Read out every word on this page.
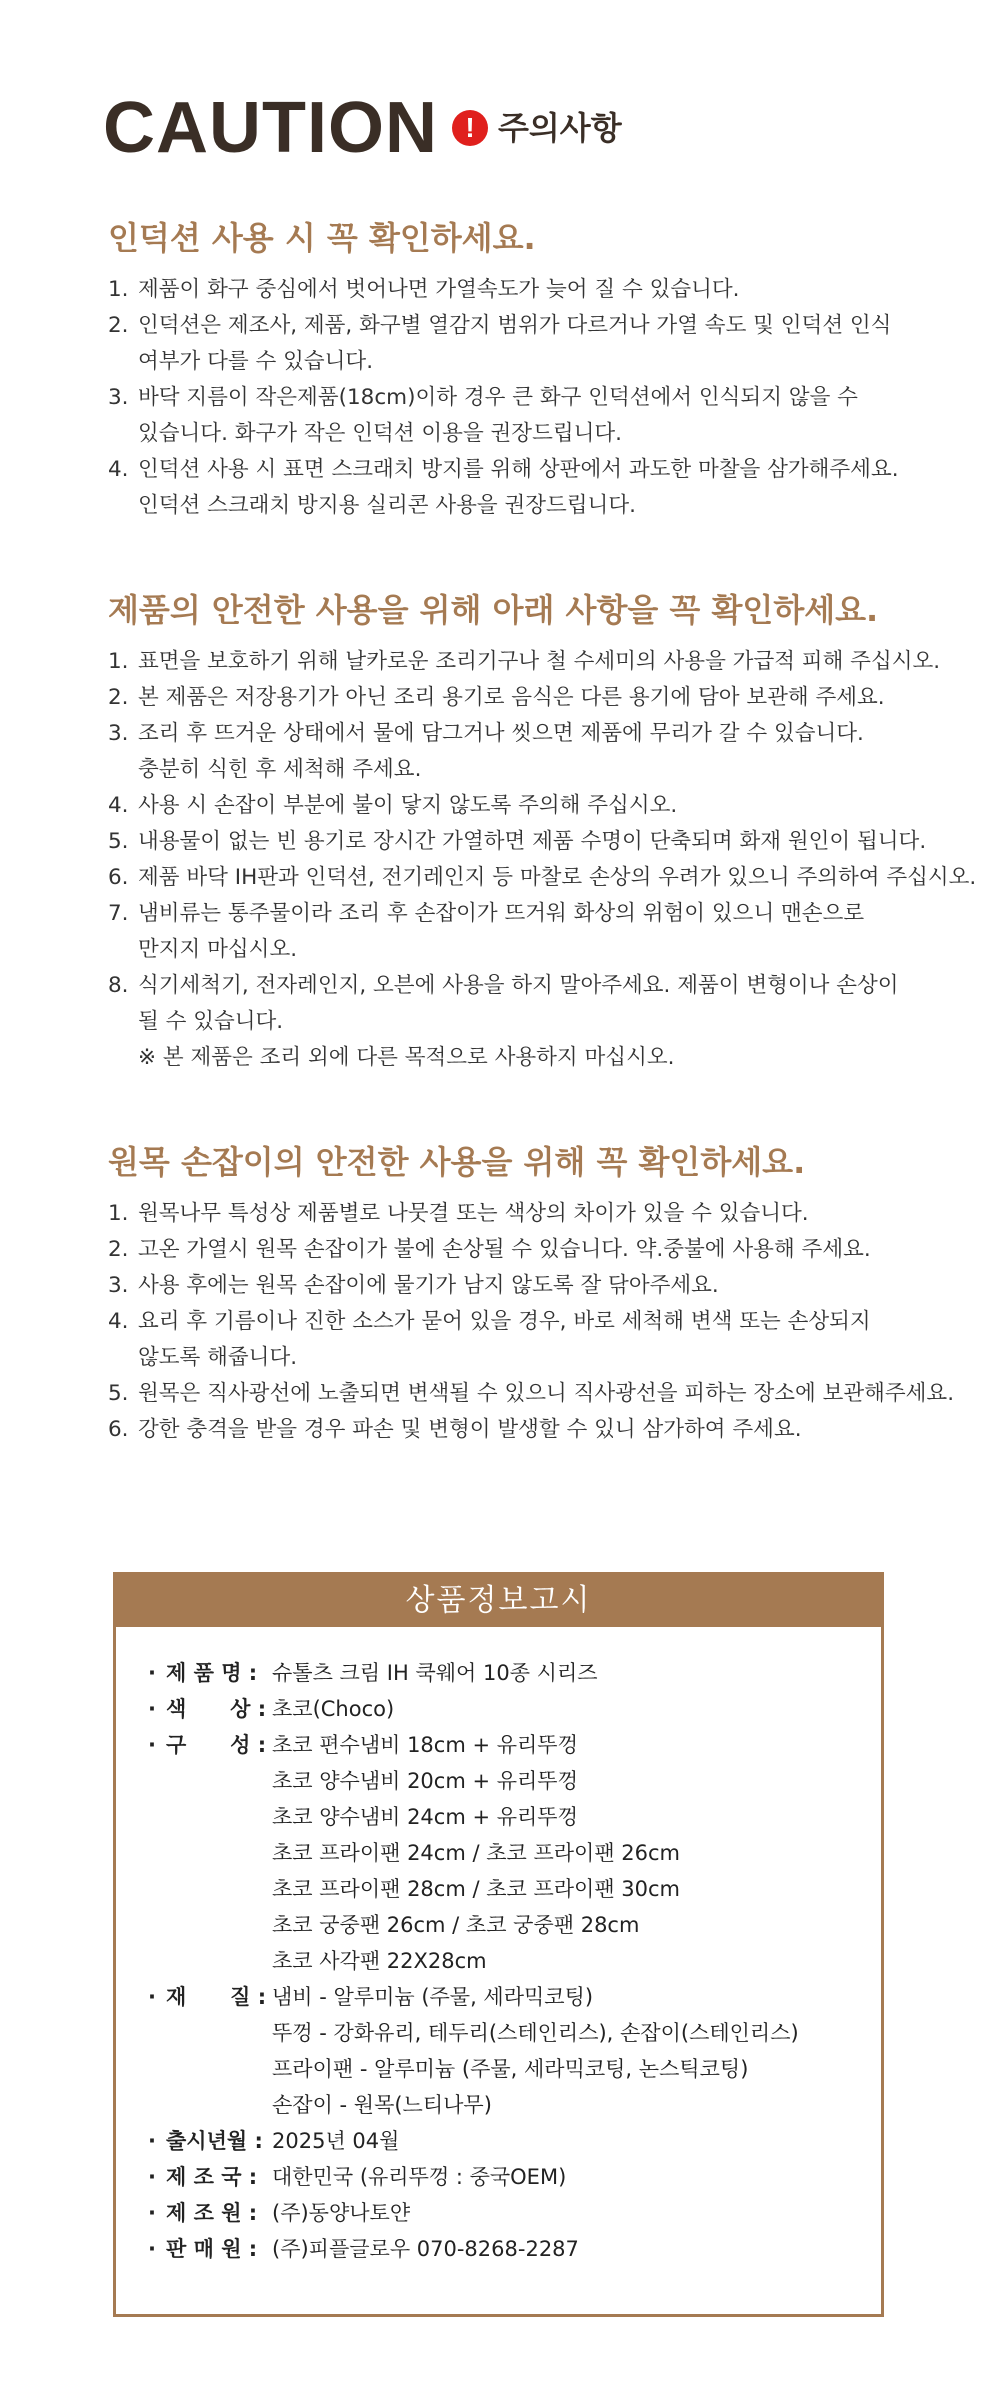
CAUTION ! 주의사항
인덕션 사용 시 꼭 확인하세요.
1. 제품이 화구 중심에서 벗어나면 가열속도가 늦어 질 수 있습니다.
2. 인덕션은 제조사, 제품, 화구별 열감지 범위가 다르거나 가열 속도 및 인덕션 인식
여부가 다를 수 있습니다.
3. 바닥 지름이 작은제품(18cm)이하 경우 큰 화구 인덕션에서 인식되지 않을 수
있습니다. 화구가 작은 인덕션 이용을 권장드립니다.
4. 인덕션 사용 시 표면 스크래치 방지를 위해 상판에서 과도한 마찰을 삼가해주세요.
인덕션 스크래치 방지용 실리콘 사용을 권장드립니다.
제품의 안전한 사용을 위해 아래 사항을 꼭 확인하세요.
1. 표면을 보호하기 위해 날카로운 조리기구나 철 수세미의 사용을 가급적 피해 주십시오.
2. 본 제품은 저장용기가 아닌 조리 용기로 음식은 다른 용기에 담아 보관해 주세요.
3. 조리 후 뜨거운 상태에서 물에 담그거나 씻으면 제품에 무리가 갈 수 있습니다.
충분히 식힌 후 세척해 주세요.
4. 사용 시 손잡이 부분에 불이 닿지 않도록 주의해 주십시오.
5. 내용물이 없는 빈 용기로 장시간 가열하면 제품 수명이 단축되며 화재 원인이 됩니다.
6. 제품 바닥 IH판과 인덕션, 전기레인지 등 마찰로 손상의 우려가 있으니 주의하여 주십시오.
7. 냄비류는 통주물이라 조리 후 손잡이가 뜨거워 화상의 위험이 있으니 맨손으로
만지지 마십시오.
8. 식기세척기, 전자레인지, 오븐에 사용을 하지 말아주세요. 제품이 변형이나 손상이
될 수 있습니다.
※ 본 제품은 조리 외에 다른 목적으로 사용하지 마십시오.
원목 손잡이의 안전한 사용을 위해 꼭 확인하세요.
1. 원목나무 특성상 제품별로 나뭇결 또는 색상의 차이가 있을 수 있습니다.
2. 고온 가열시 원목 손잡이가 불에 손상될 수 있습니다. 약.중불에 사용해 주세요.
3. 사용 후에는 원목 손잡이에 물기가 남지 않도록 잘 닦아주세요.
4. 요리 후 기름이나 진한 소스가 묻어 있을 경우, 바로 세척해 변색 또는 손상되지
않도록 해줍니다.
5. 원목은 직사광선에 노출되면 변색될 수 있으니 직사광선을 피하는 장소에 보관해주세요.
6. 강한 충격을 받을 경우 파손 및 변형이 발생할 수 있니 삼가하여 주세요.
상품정보고시
· 제 품 명 : 슈톨츠 크림 IH 쿡웨어 10종 시리즈
· 색      상 : 초코(Choco)
· 구      성 : 초코 편수냄비 18cm + 유리뚜껑
초코 양수냄비 20cm + 유리뚜껑
초코 양수냄비 24cm + 유리뚜껑
초코 프라이팬 24cm / 초코 프라이팬 26cm
초코 프라이팬 28cm / 초코 프라이팬 30cm
초코 궁중팬 26cm / 초코 궁중팬 28cm
초코 사각팬 22X28cm
· 재      질 : 냄비 - 알루미늄 (주물, 세라믹코팅)
뚜껑 - 강화유리, 테두리(스테인리스), 손잡이(스테인리스)
프라이팬 - 알루미늄 (주물, 세라믹코팅, 논스틱코팅)
손잡이 - 원목(느티나무)
· 출시년월 : 2025년 04월
· 제 조 국 : 대한민국 (유리뚜껑 : 중국OEM)
· 제 조 원 : (주)동양나토얀
· 판 매 원 : (주)피플글로우 070-8268-2287
